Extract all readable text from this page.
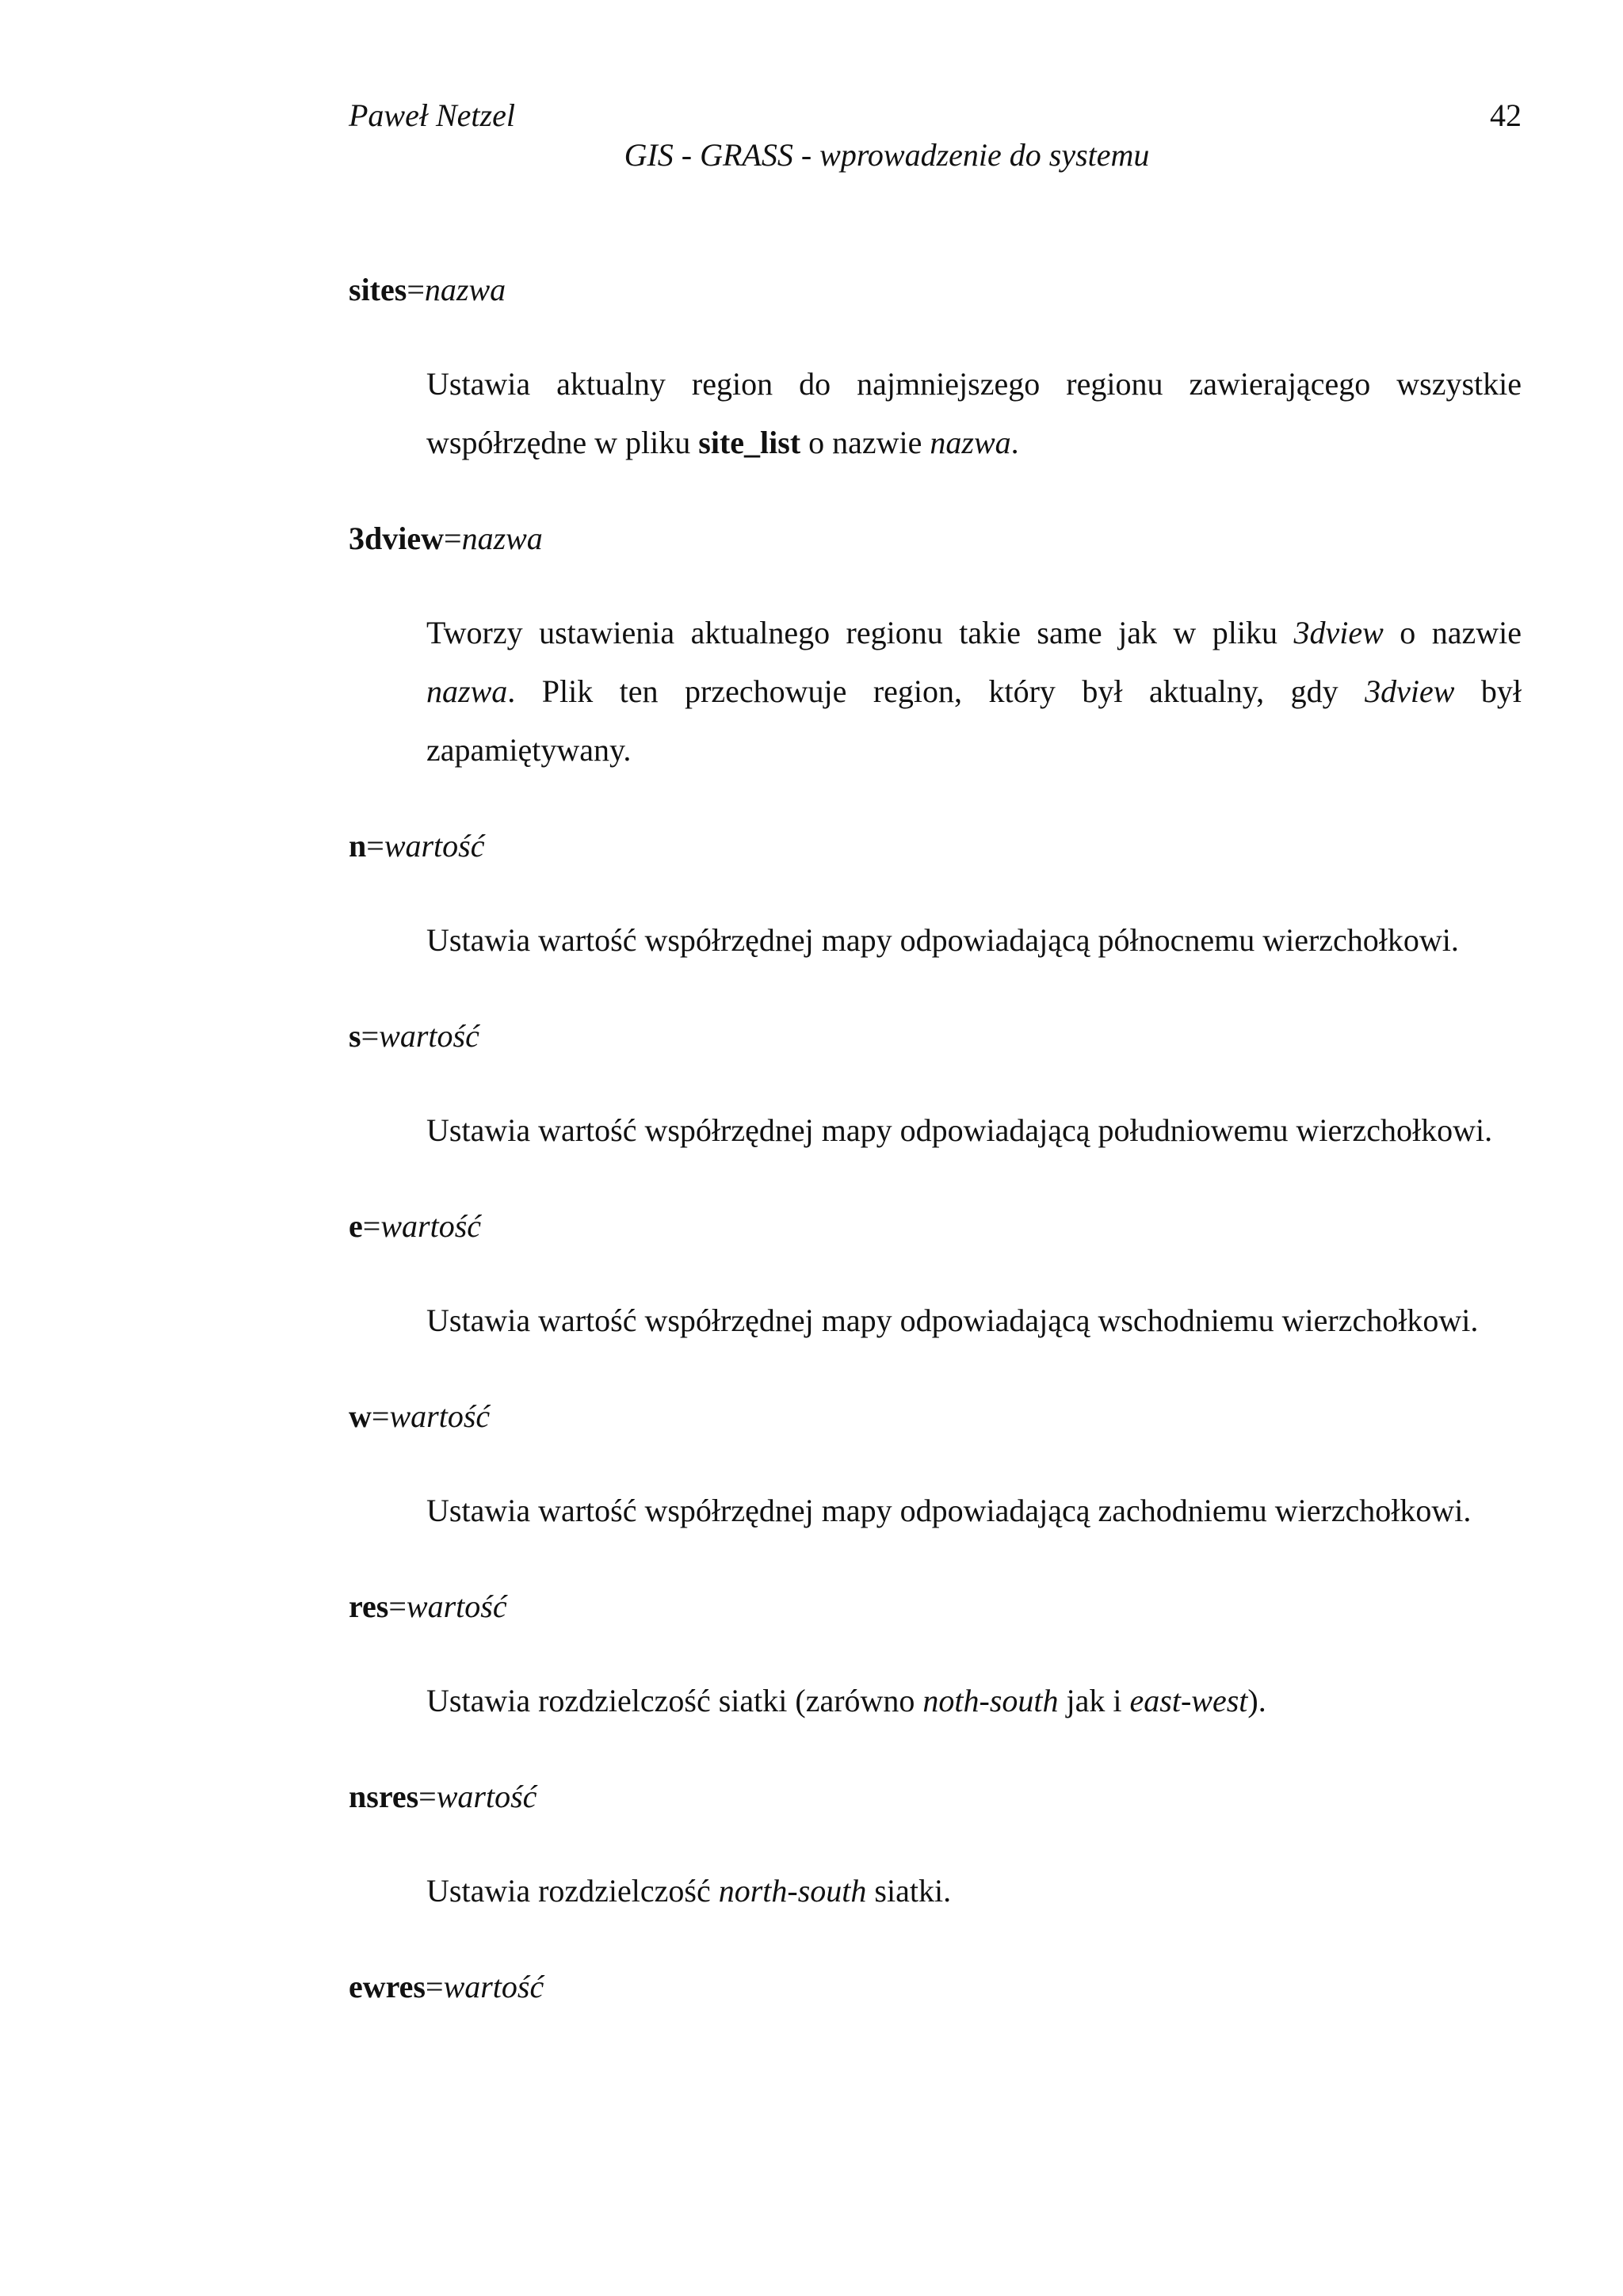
Paweł Netzel	42
GIS - GRASS - wprowadzenie do systemu

sites=nazwa

Ustawia aktualny region do najmniejszego regionu zawierającego wszystkie współrzędne w pliku site_list o nazwie nazwa.

3dview=nazwa

Tworzy ustawienia aktualnego regionu takie same jak w pliku 3dview o nazwie nazwa. Plik ten przechowuje region, który był aktualny, gdy 3dview był zapamiętywany.

n=wartość

Ustawia wartość współrzędnej mapy odpowiadającą północnemu wierzchołkowi.

s=wartość

Ustawia wartość współrzędnej mapy odpowiadającą południowemu wierzchołkowi.

e=wartość

Ustawia wartość współrzędnej mapy odpowiadającą wschodniemu wierzchołkowi.

w=wartość

Ustawia wartość współrzędnej mapy odpowiadającą zachodniemu wierzchołkowi.

res=wartość

Ustawia rozdzielczość siatki (zarówno noth-south jak i east-west).

nsres=wartość

Ustawia rozdzielczość north-south siatki.

ewres=wartość
